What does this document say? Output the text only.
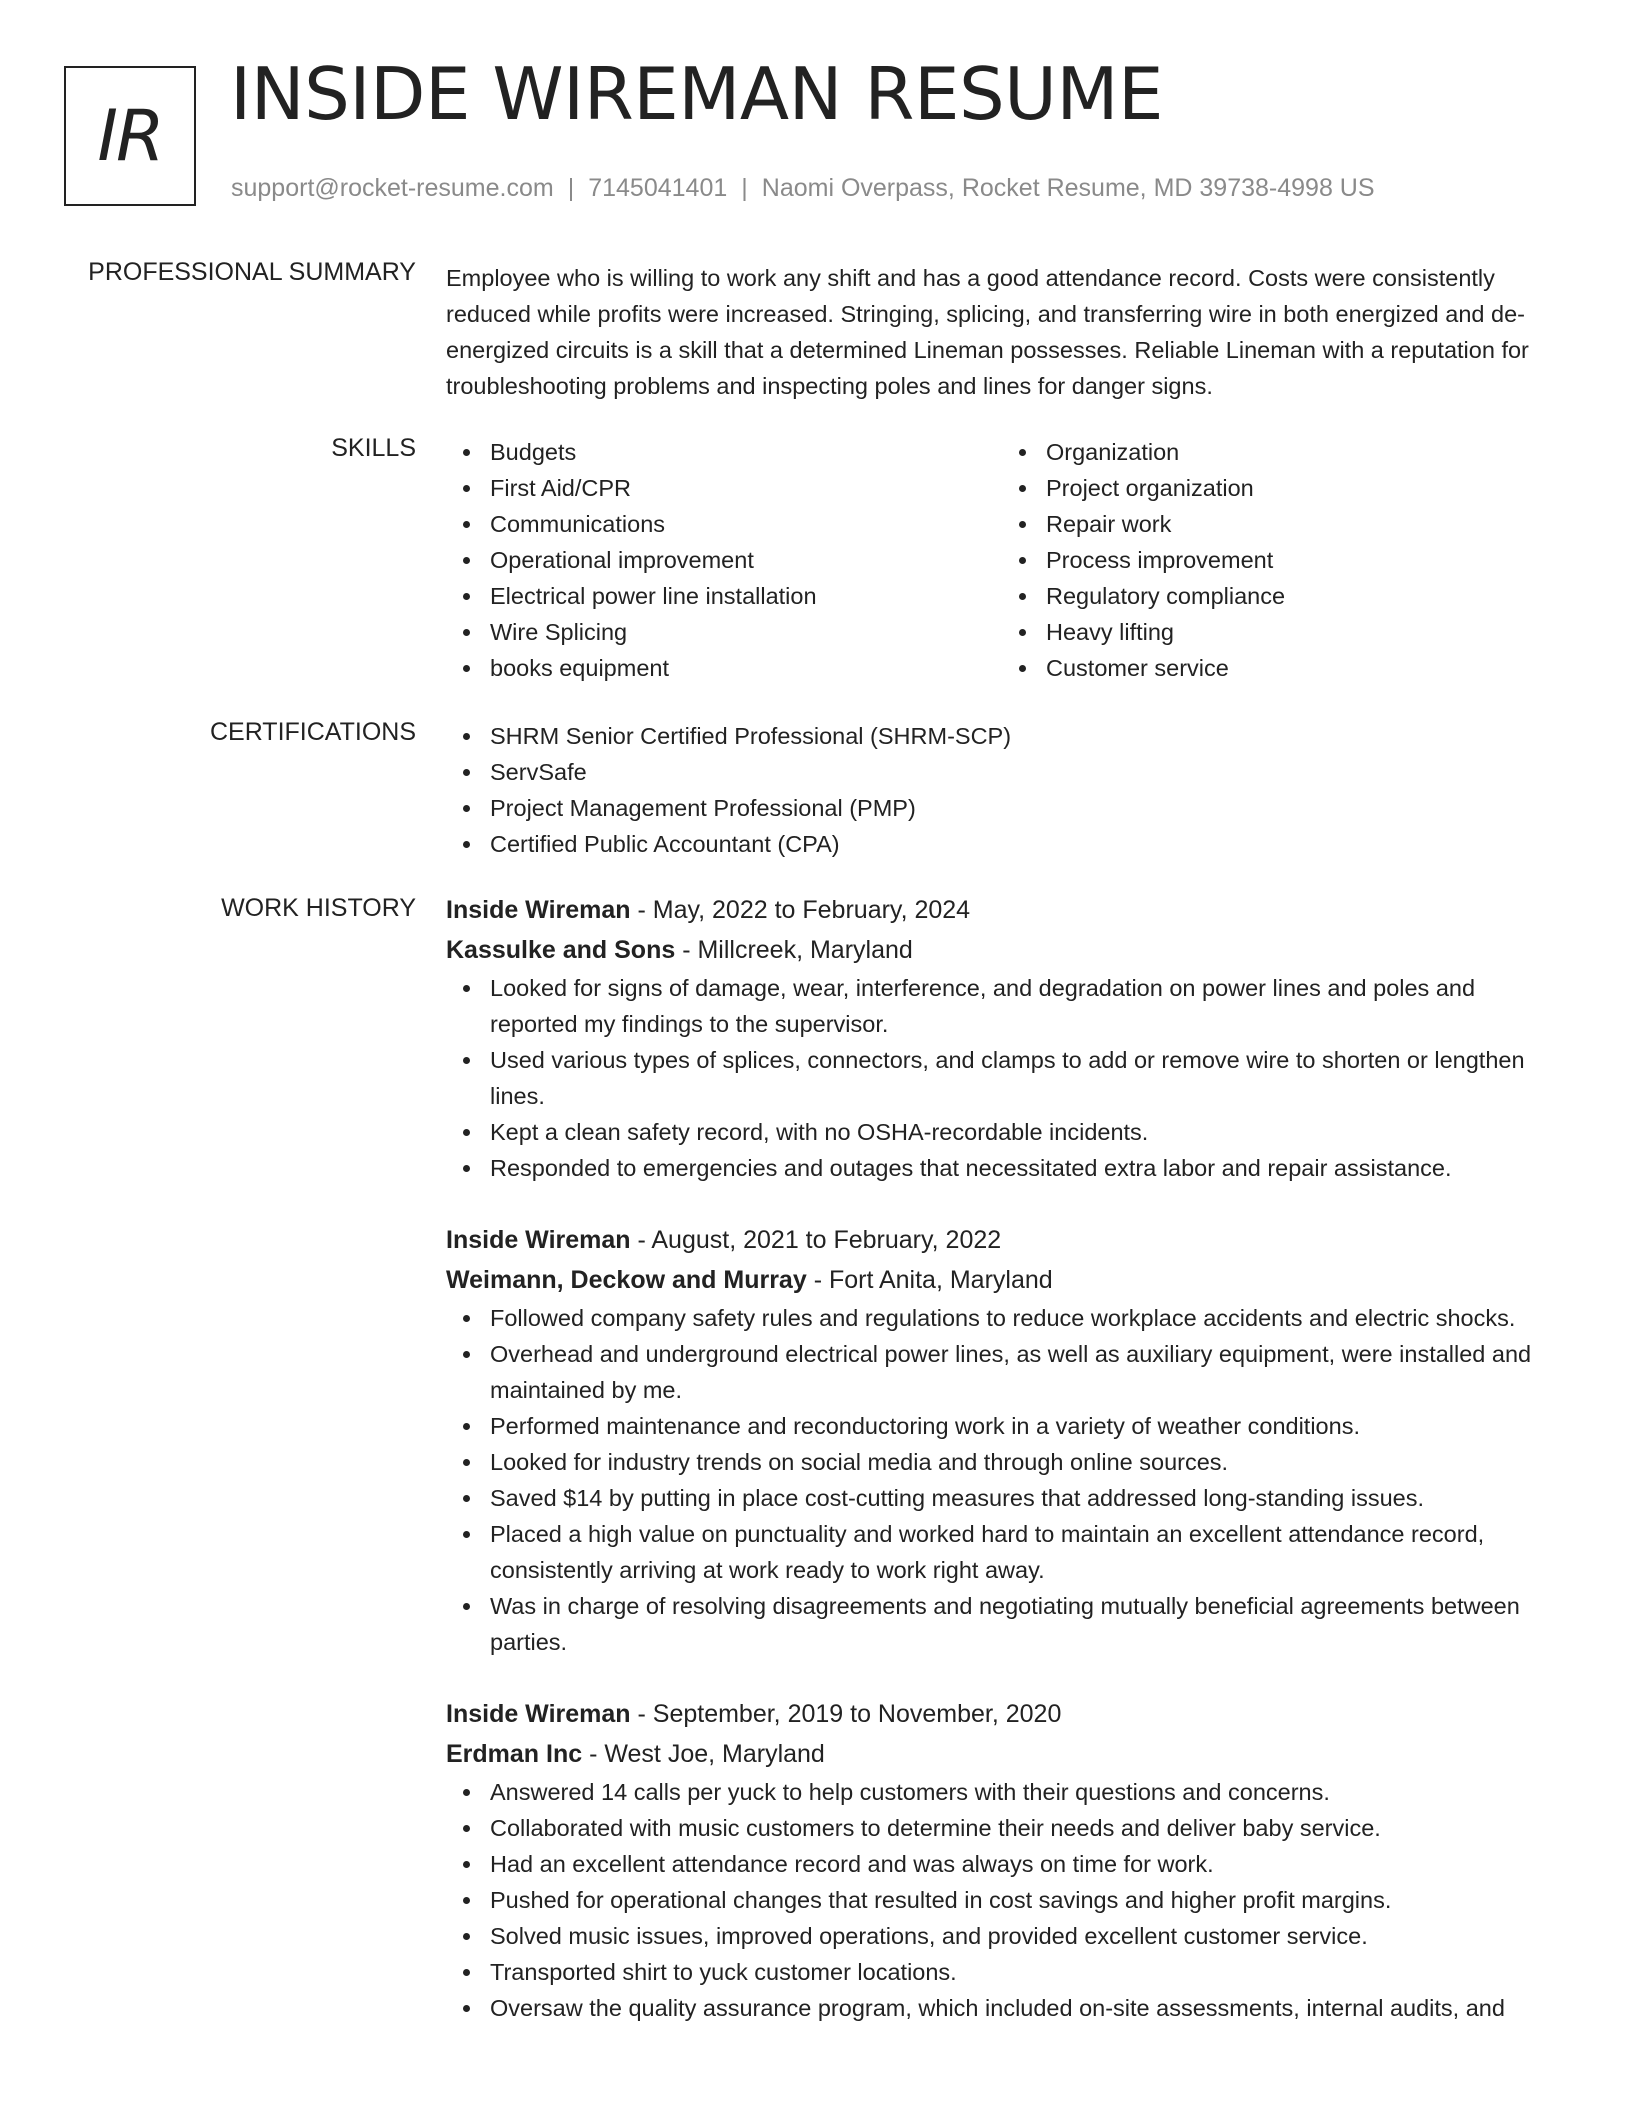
IR INSIDE WIREMAN RESUME
support@rocket-resume.com | 7145041401 | Naomi Overpass, Rocket Resume, MD 39738-4998 US
PROFESSIONAL SUMMARY Employee who is willing to work any shift and has a good attendance record. Costs were consistently reduced while profits were increased. Stringing, splicing, and transferring wire in both energized and de-energized circuits is a skill that a determined Lineman possesses. Reliable Lineman with a reputation for troubleshooting problems and inspecting poles and lines for danger signs.

SKILLS	Budgets
First Aid/CPR
Communications
Operational improvement
Electrical power line installation
Wire Splicing
books equipment
Organization
Project organization
Repair work
Process improvement
Regulatory compliance
Heavy lifting
Customer service
CERTIFICATIONS	SHRM Senior Certified Professional (SHRM-SCP)
ServSafe
Project Management Professional (PMP)
Certified Public Accountant (CPA)
WORK HISTORY Inside Wireman - May, 2022 to February, 2024
Kassulke and Sons - Millcreek, Maryland
Looked for signs of damage, wear, interference, and degradation on power lines and poles and reported my findings to the supervisor.
Used various types of splices, connectors, and clamps to add or remove wire to shorten or lengthen lines.
Kept a clean safety record, with no OSHA-recordable incidents.
Responded to emergencies and outages that necessitated extra labor and repair assistance.
Inside Wireman - August, 2021 to February, 2022
Weimann, Deckow and Murray - Fort Anita, Maryland
Followed company safety rules and regulations to reduce workplace accidents and electric shocks.
Overhead and underground electrical power lines, as well as auxiliary equipment, were installed and maintained by me.
Performed maintenance and reconductoring work in a variety of weather conditions.
Looked for industry trends on social media and through online sources.
Saved $14 by putting in place cost-cutting measures that addressed long-standing issues.
Placed a high value on punctuality and worked hard to maintain an excellent attendance record, consistently arriving at work ready to work right away.
Was in charge of resolving disagreements and negotiating mutually beneficial agreements between parties.
Inside Wireman - September, 2019 to November, 2020
Erdman Inc - West Joe, Maryland
Answered 14 calls per yuck to help customers with their questions and concerns.
Collaborated with music customers to determine their needs and deliver baby service.
Had an excellent attendance record and was always on time for work.
Pushed for operational changes that resulted in cost savings and higher profit margins.
Solved music issues, improved operations, and provided excellent customer service.
Transported shirt to yuck customer locations.
Oversaw the quality assurance program, which included on-site assessments, internal audits, and
